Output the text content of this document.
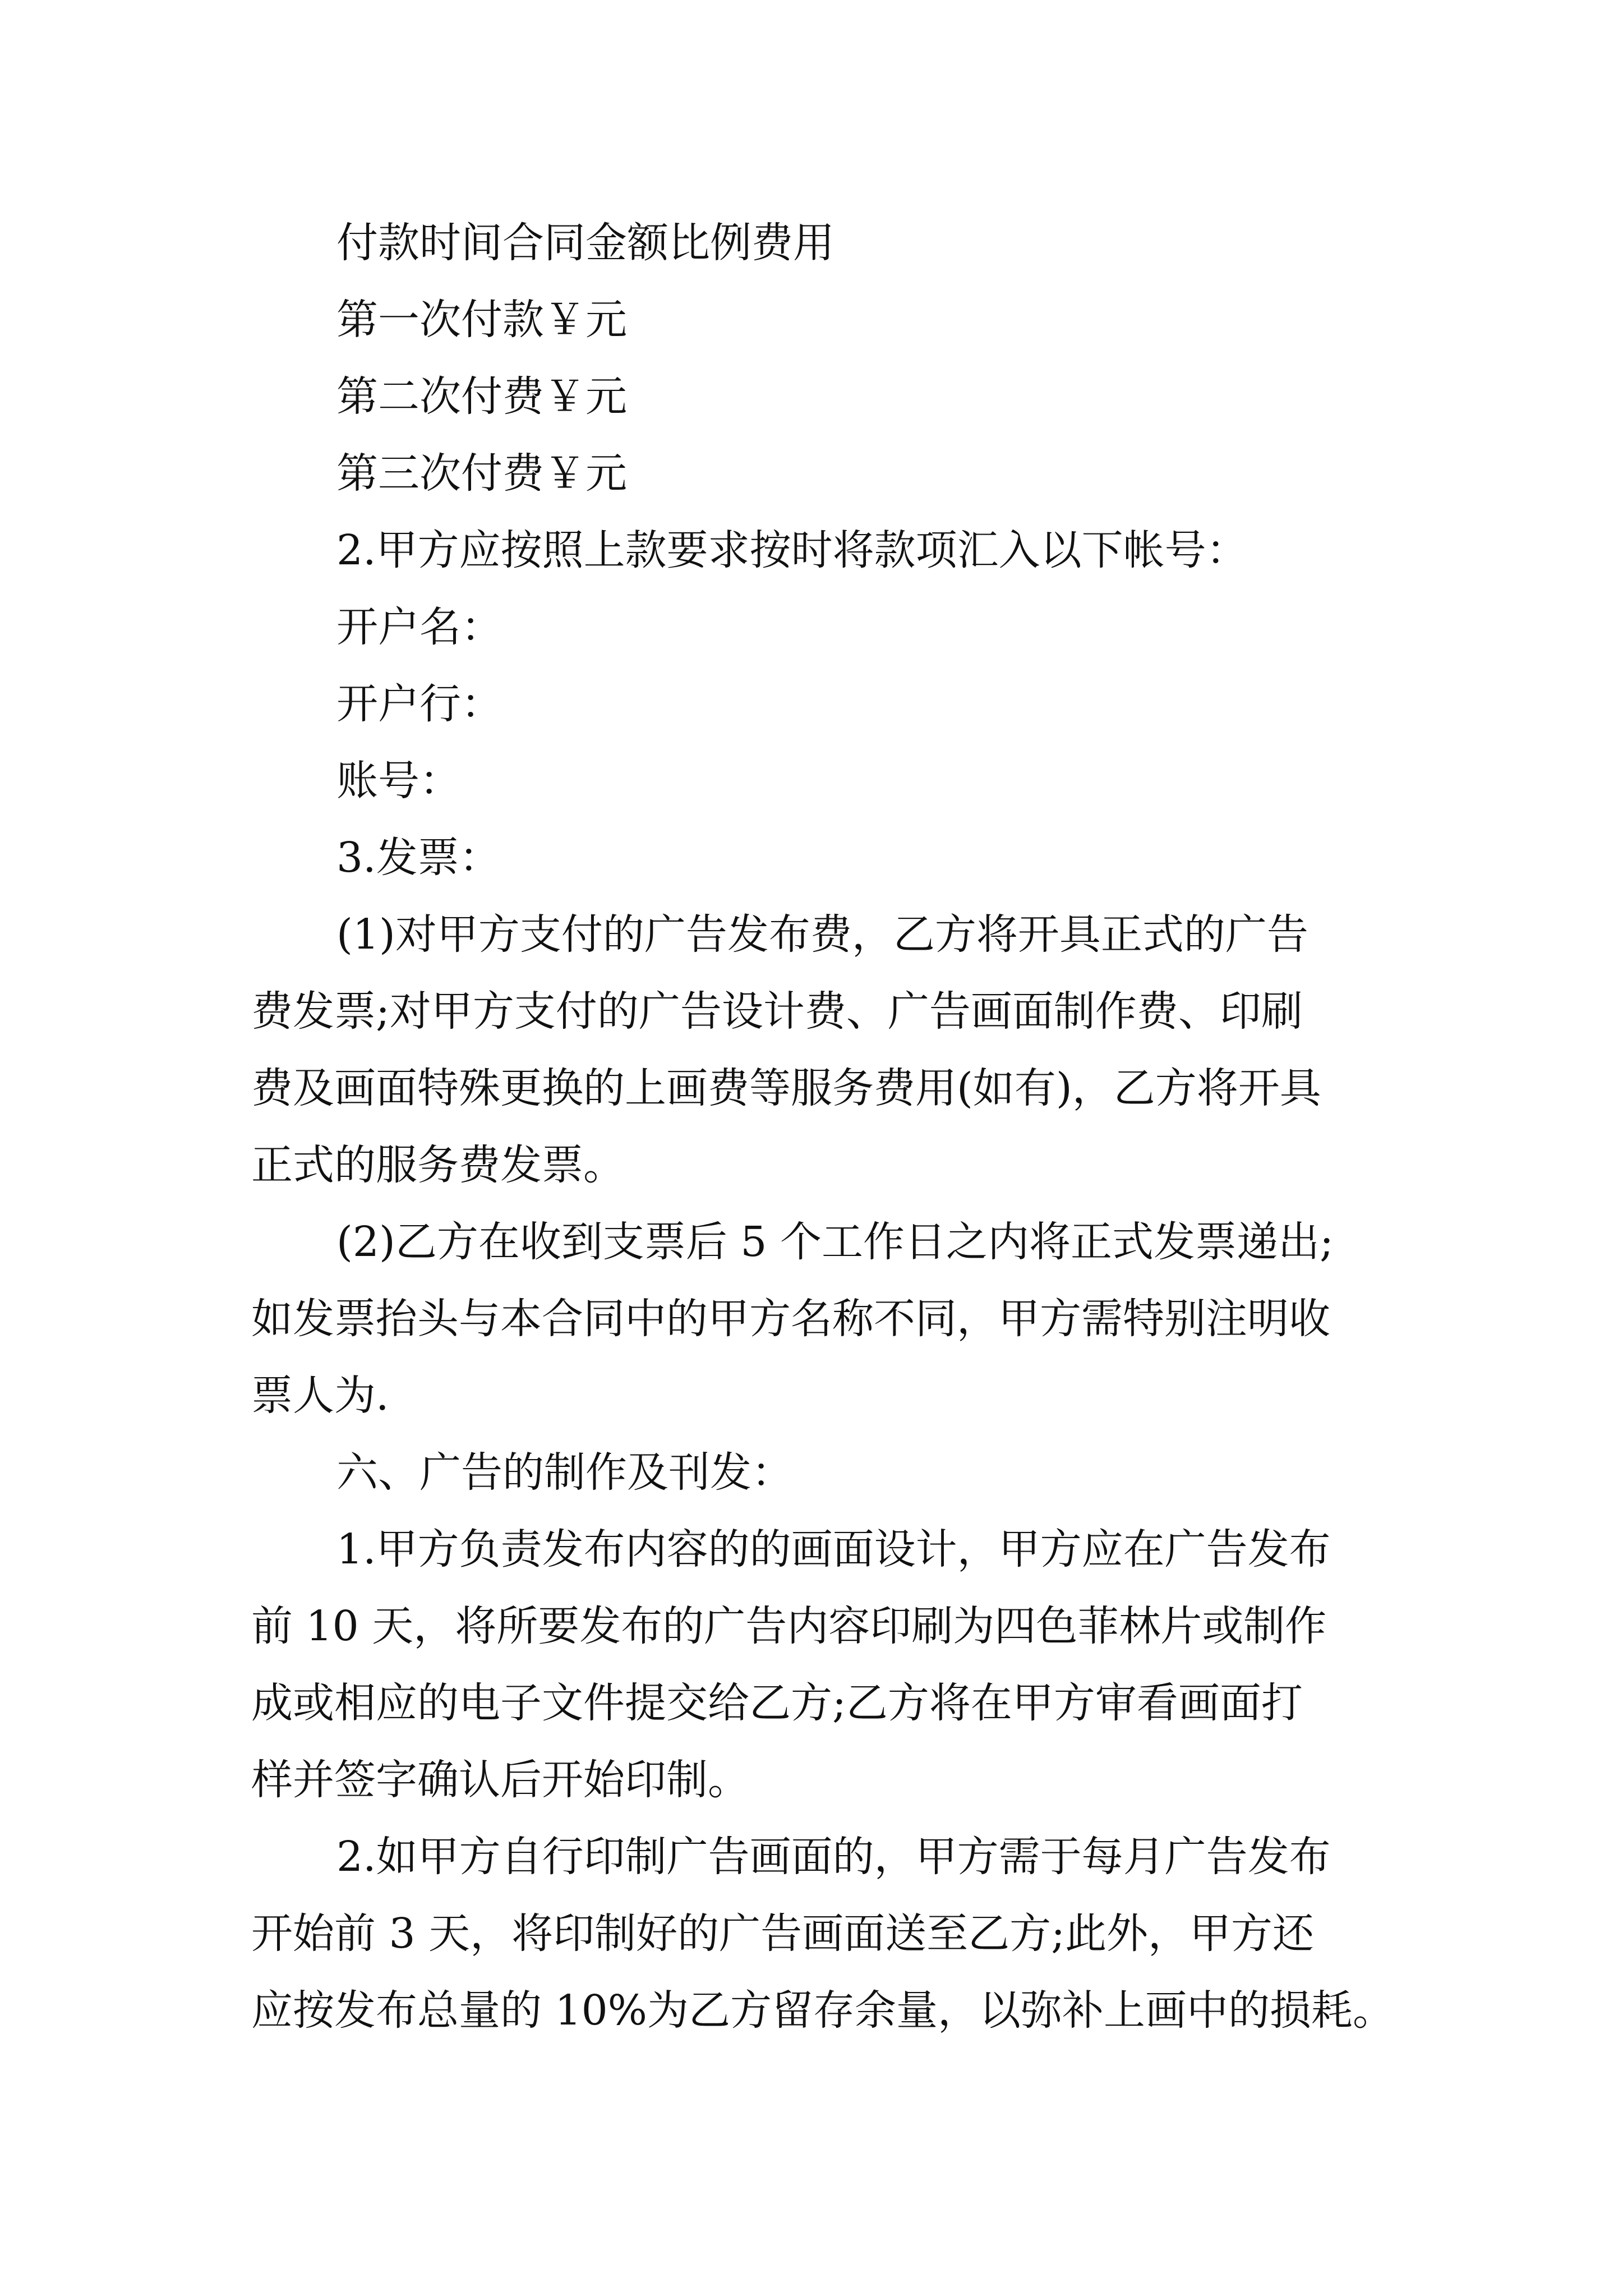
付款时间合同金额比例费用
第一次付款￥元
第二次付费￥元
第三次付费￥元
2.甲方应按照上款要求按时将款项汇入以下帐号：
开户名：
开户行：
账号：
3.发票：
(1)对甲方支付的广告发布费，乙方将开具正式的广告
费发票;对甲方支付的广告设计费、广告画面制作费、印刷
费及画面特殊更换的上画费等服务费用(如有)，乙方将开具
正式的服务费发票。
(2)乙方在收到支票后 5 个工作日之内将正式发票递出;
如发票抬头与本合同中的甲方名称不同，甲方需特别注明收
票人为.
六、广告的制作及刊发：
1.甲方负责发布内容的的画面设计，甲方应在广告发布
前 10 天，将所要发布的广告内容印刷为四色菲林片或制作
成或相应的电子文件提交给乙方;乙方将在甲方审看画面打
样并签字确认后开始印制。
2.如甲方自行印制广告画面的，甲方需于每月广告发布
开始前 3 天，将印制好的广告画面送至乙方;此外，甲方还
应按发布总量的 10%为乙方留存余量，以弥补上画中的损耗。
